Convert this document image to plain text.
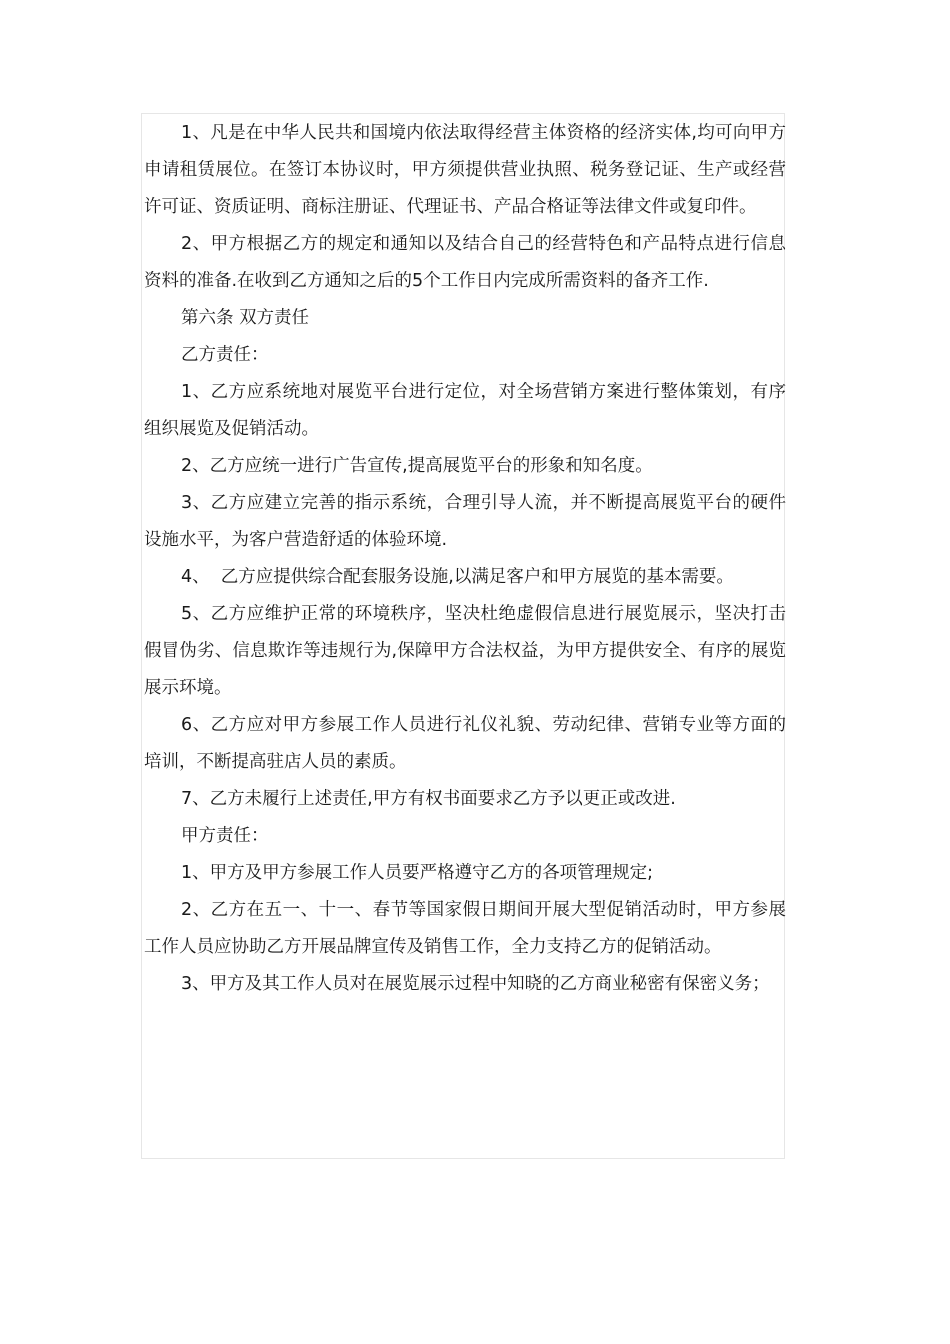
1、凡是在中华人民共和国境内依法取得经营主体资格的经济实体,均可向甲方申请租赁展位。在签订本协议时，甲方须提供营业执照、税务登记证、生产或经营许可证、资质证明、商标注册证、代理证书、产品合格证等法律文件或复印件。

2、甲方根据乙方的规定和通知以及结合自己的经营特色和产品特点进行信息资料的准备.在收到乙方通知之后的5个工作日内完成所需资料的备齐工作.

第六条 双方责任

乙方责任：

1、乙方应系统地对展览平台进行定位，对全场营销方案进行整体策划，有序组织展览及促销活动。

2、乙方应统一进行广告宣传,提高展览平台的形象和知名度。

3、乙方应建立完善的指示系统，合理引导人流，并不断提高展览平台的硬件设施水平，为客户营造舒适的体验环境.

4、  乙方应提供综合配套服务设施,以满足客户和甲方展览的基本需要。

5、乙方应维护正常的环境秩序，坚决杜绝虚假信息进行展览展示，坚决打击假冒伪劣、信息欺诈等违规行为,保障甲方合法权益，为甲方提供安全、有序的展览展示环境。

6、乙方应对甲方参展工作人员进行礼仪礼貌、劳动纪律、营销专业等方面的培训，不断提高驻店人员的素质。

7、乙方未履行上述责任,甲方有权书面要求乙方予以更正或改进.

甲方责任：

1、甲方及甲方参展工作人员要严格遵守乙方的各项管理规定;

2、乙方在五一、十一、春节等国家假日期间开展大型促销活动时，甲方参展工作人员应协助乙方开展品牌宣传及销售工作，全力支持乙方的促销活动。

3、甲方及其工作人员对在展览展示过程中知晓的乙方商业秘密有保密义务；
